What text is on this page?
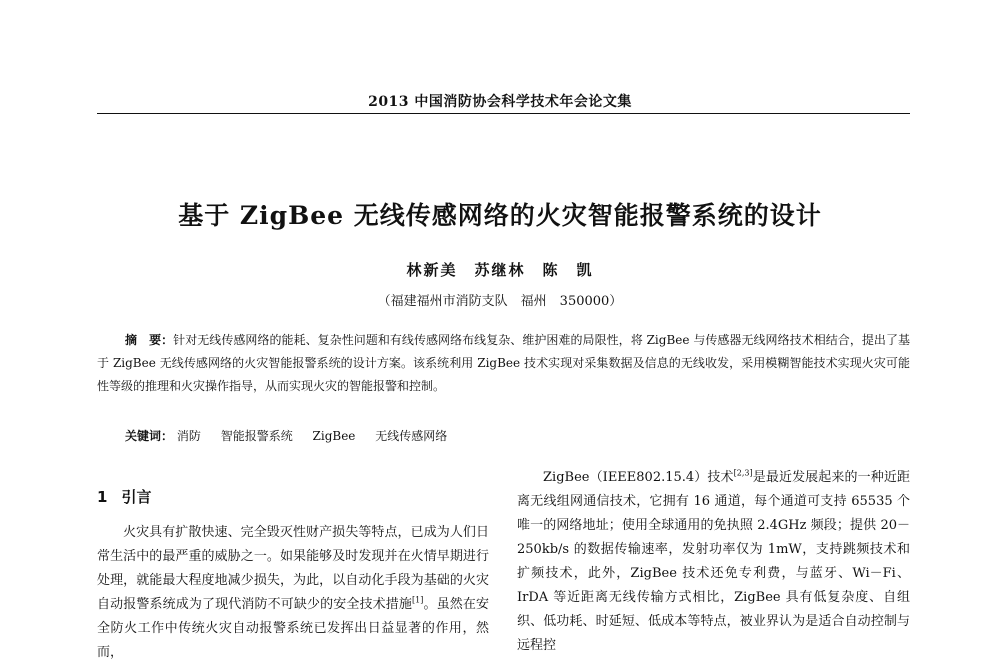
2013 中国消防协会科学技术年会论文集
基于 ZigBee 无线传感网络的火灾智能报警系统的设计
林新美　苏继林　陈　凯
（福建福州市消防支队　福州　350000）
摘　要：针对无线传感网络的能耗、复杂性问题和有线传感网络布线复杂、维护困难的局限性，将 ZigBee 与传感器无线网络技术相结合，提出了基于 ZigBee 无线传感网络的火灾智能报警系统的设计方案。该系统利用 ZigBee 技术实现对采集数据及信息的无线收发，采用模糊智能技术实现火灾可能性等级的推理和火灾操作指导，从而实现火灾的智能报警和控制。
关键词： 消防 智能报警系统 ZigBee 无线传感网络
1 引言

火灾具有扩散快速、完全毁灭性财产损失等特点，已成为人们日常生活中的最严重的威胁之一。如果能够及时发现并在火情早期进行处理，就能最大程度地减少损失，为此，以自动化手段为基础的火灾自动报警系统成为了现代消防不可缺少的安全技术措施[1]。虽然在安全防火工作中传统火灾自动报警系统已发挥出日益显著的作用，然而，

ZigBee（IEEE802.15.4）技术[2,3]是最近发展起来的一种近距离无线组网通信技术，它拥有 16 通道，每个通道可支持 65535 个唯一的网络地址；使用全球通用的免执照 2.4GHz 频段；提供 20－250kb/s 的数据传输速率，发射功率仅为 1mW，支持跳频技术和扩频技术，此外，ZigBee 技术还免专利费，与蓝牙、Wi－Fi、IrDA 等近距离无线传输方式相比，ZigBee 具有低复杂度、自组织、低功耗、时延短、低成本等特点，被业界认为是适合自动控制与远程控
